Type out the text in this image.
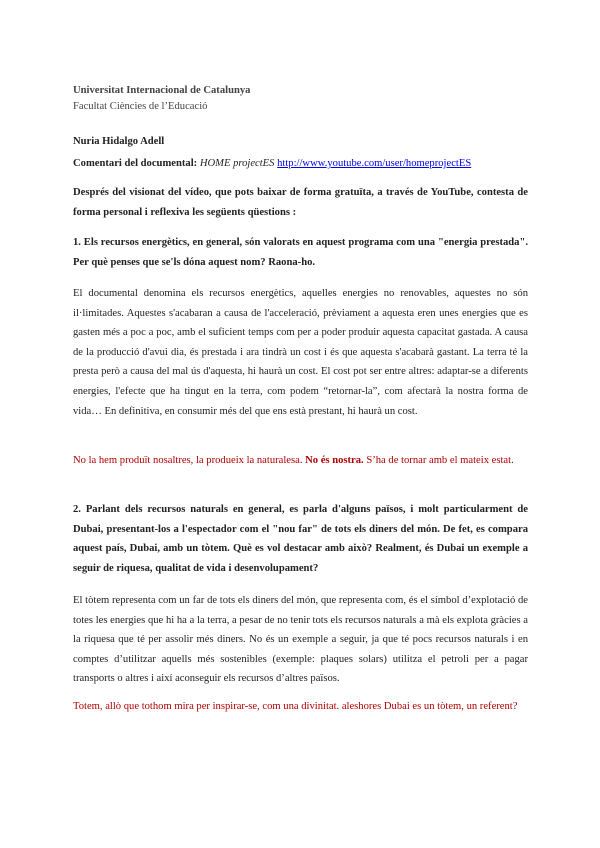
Universitat Internacional de Catalunya
Facultat Ciències de l’Educació
Nuria Hidalgo Adell
Comentari del documental: HOME projectES http://www.youtube.com/user/homeprojectES

Després del visionat del vídeo, que pots baixar de forma gratuïta, a través de YouTube, contesta de forma personal i reflexiva les següents qüestions :

1. Els recursos energètics, en general, són valorats en aquest programa com una "energia prestada". Per què penses que se'ls dóna aquest nom? Raona-ho.

El documental denomina els recursos energètics, aquelles energies no renovables, aquestes no són il·limitades. Aquestes s'acabaran a causa de l'acceleració, prèviament a aquesta eren unes energies que es gasten més a poc a poc, amb el suficient temps com per a poder produir aquesta capacitat gastada. A causa de la producció d'avui dia, és prestada i ara tindrà un cost i és que aquesta s'acabarà gastant. La terra té la presta però a causa del mal ús d'aquesta, hi haurà un cost. El cost pot ser entre altres: adaptar-se a diferents energies, l'efecte que ha tingut en la terra, com podem “retornar-la”, com afectarà la nostra forma de vida… En definitiva, en consumir més del que ens està prestant, hi haurà un cost.

No la hem produït nosaltres, la produeix la naturalesa. No és nostra. S’ha de tornar amb el mateix estat.

2. Parlant dels recursos naturals en general, es parla d'alguns països, i molt particularment de Dubai, presentant-los a l'espectador com el "nou far" de tots els diners del món. De fet, es compara aquest país, Dubai, amb un tòtem. Què es vol destacar amb això? Realment, és Dubai un exemple a seguir de riquesa, qualitat de vida i desenvolupament?

El tòtem representa com un far de tots els diners del món, que representa com, és el símbol d’explotació de totes les energies que hi ha a la terra, a pesar de no tenir tots els recursos naturals a mà els explota gràcies a la riquesa que té per assolir més diners. No és un exemple a seguir, ja que té pocs recursos naturals i en comptes d’utilitzar aquells més sostenibles (exemple: plaques solars) utilitza el petroli per a pagar transports o altres i així aconseguir els recursos d’altres països.

Totem, allò que tothom mira per inspirar-se, com una divinitat. aleshores Dubai es un tòtem, un referent?
